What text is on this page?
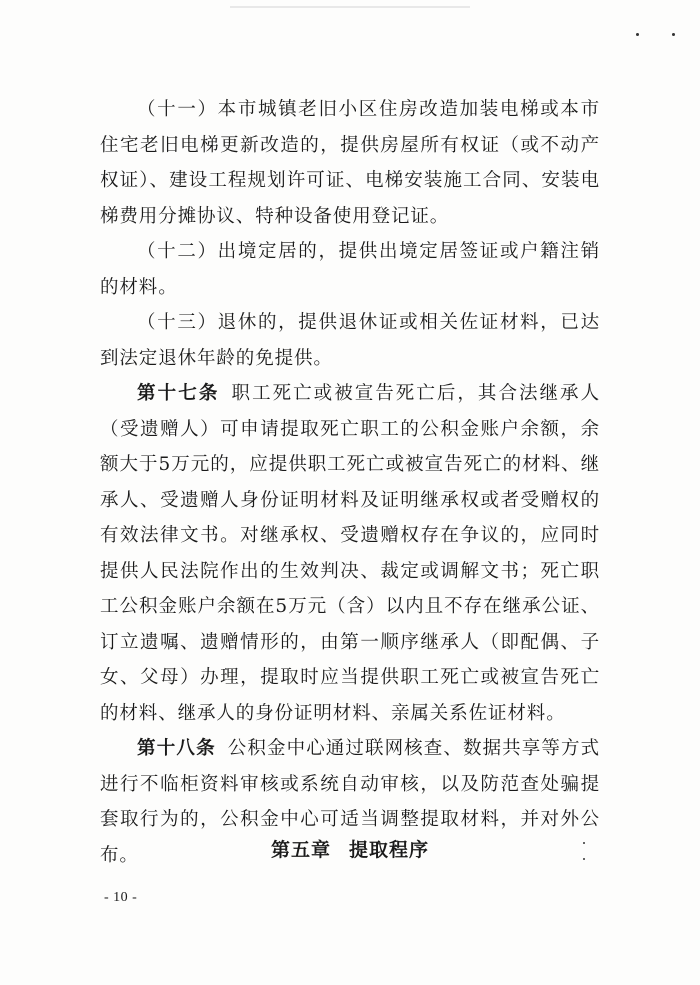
（十一）本市城镇老旧小区住房改造加装电梯或本市住宅老旧电梯更新改造的，提供房屋所有权证（或不动产权证）、建设工程规划许可证、电梯安装施工合同、安装电梯费用分摊协议、特种设备使用登记证。

（十二）出境定居的，提供出境定居签证或户籍注销的材料。

（十三）退休的，提供退休证或相关佐证材料，已达到法定退休年龄的免提供。

第十七条 职工死亡或被宣告死亡后，其合法继承人（受遗赠人）可申请提取死亡职工的公积金账户余额，余额大于5万元的，应提供职工死亡或被宣告死亡的材料、继承人、受遗赠人身份证明材料及证明继承权或者受赠权的有效法律文书。对继承权、受遗赠权存在争议的，应同时提供人民法院作出的生效判决、裁定或调解文书；死亡职工公积金账户余额在5万元（含）以内且不存在继承公证、订立遗嘱、遗赠情形的，由第一顺序继承人（即配偶、子女、父母）办理，提取时应当提供职工死亡或被宣告死亡的材料、继承人的身份证明材料、亲属关系佐证材料。

第十八条 公积金中心通过联网核查、数据共享等方式进行不临柜资料审核或系统自动审核，以及防范查处骗提套取行为的，公积金中心可适当调整提取材料，并对外公布。	第五章 提取程序
- 10 -
